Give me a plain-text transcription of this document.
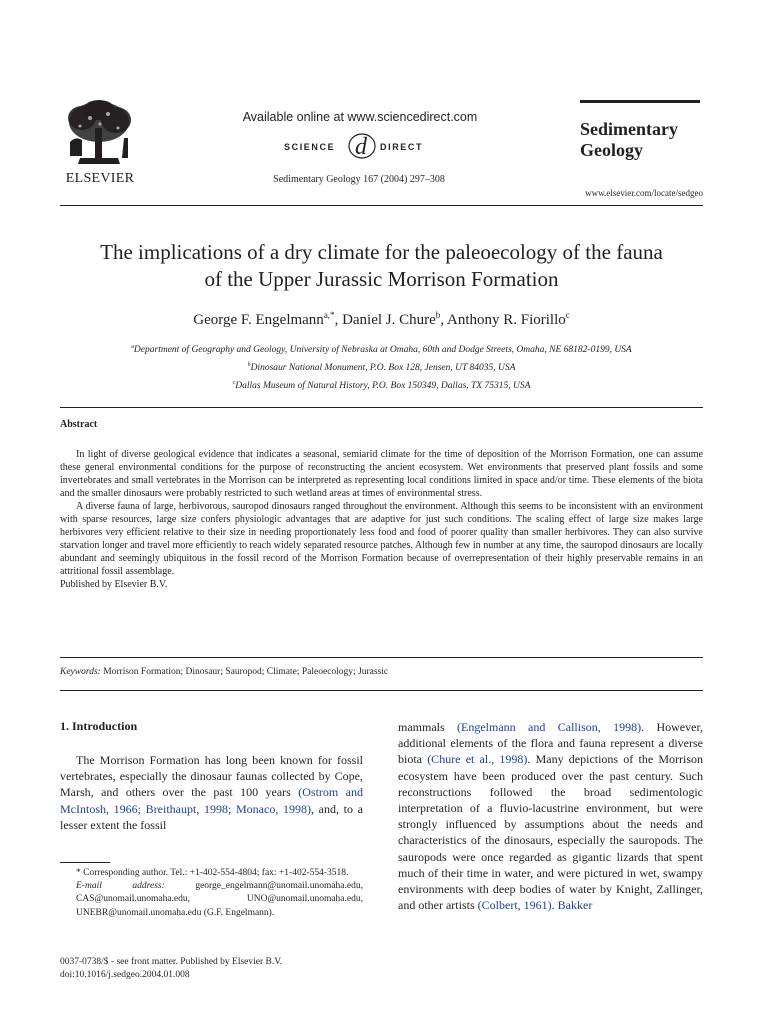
ELSEVIER
Available online at www.sciencedirect.com
SCIENCE d DIRECT
Sedimentary Geology 167 (2004) 297–308
Sedimentary
Geology
www.elsevier.com/locate/sedgeo
The implications of a dry climate for the paleoecology of the fauna
of the Upper Jurassic Morrison Formation
George F. Engelmann$^{a,*}$, Daniel J. Chure$^b$, Anthony R. Fiorillo$^c$
$^a$Department of Geography and Geology, University of Nebraska at Omaha, 60th and Dodge Streets, Omaha, NE 68182-0199, USA
$^b$Dinosaur National Monument, P.O. Box 128, Jensen, UT 84035, USA
$^c$Dallas Museum of Natural History, P.O. Box 150349, Dallas, TX 75315, USA
Abstract

In light of diverse geological evidence that indicates a seasonal, semiarid climate for the time of deposition of the Morrison Formation, one can assume these general environmental conditions for the purpose of reconstructing the ancient ecosystem. Wet environments that preserved plant fossils and some invertebrates and small vertebrates in the Morrison can be interpreted as representing local conditions limited in space and/or time. These elements of the biota and the smaller dinosaurs were probably restricted to such wetland areas at times of environmental stress.

A diverse fauna of large, herbivorous, sauropod dinosaurs ranged throughout the environment. Although this seems to be inconsistent with an environment with sparse resources, large size confers physiologic advantages that are adaptive for just such conditions. The scaling effect of large size makes large herbivores very efficient relative to their size in needing proportionately less food and food of poorer quality than smaller herbivores. They can also survive starvation longer and travel more efficiently to reach widely separated resource patches. Although few in number at any time, the sauropod dinosaurs are locally abundant and seemingly ubiquitous in the fossil record of the Morrison Formation because of overrepresentation of their highly preservable remains in an attritional fossil assemblage.

Published by Elsevier B.V.

Keywords: Morrison Formation; Dinosaur; Sauropod; Climate; Paleoecology; Jurassic
1. Introduction

The Morrison Formation has long been known for fossil vertebrates, especially the dinosaur faunas collected by Cope, Marsh, and others over the past 100 years (Ostrom and McIntosh, 1966; Breithaupt, 1998; Monaco, 1998), and, to a lesser extent the fossil

* Corresponding author. Tel.: +1-402-554-4804; fax: +1-402-554-3518.

E-mail address:	george_engelmann@unomail.unomaha.edu, CAS@unomail.unomaha.edu, UNO@unomail.unomaha.edu, UNEBR@unomail.unomaha.edu (G.F. Engelmann).

0037-0738/$ - see front matter. Published by Elsevier B.V.
doi:10.1016/j.sedgeo.2004.01.008

mammals (Engelmann and Callison, 1998). However, additional elements of the flora and fauna represent a diverse biota (Chure et al., 1998). Many depictions of the Morrison ecosystem have been produced over the past century. Such reconstructions followed the broad sedimentologic interpretation of a fluvio-lacustrine environment, but were strongly influenced by assumptions about the needs and characteristics of the dinosaurs, especially the sauropods. The sauropods were once regarded as gigantic lizards that spent much of their time in water, and were pictured in wet, swampy environments with deep bodies of water by Knight, Zallinger, and other artists (Colbert, 1961). Bakker
